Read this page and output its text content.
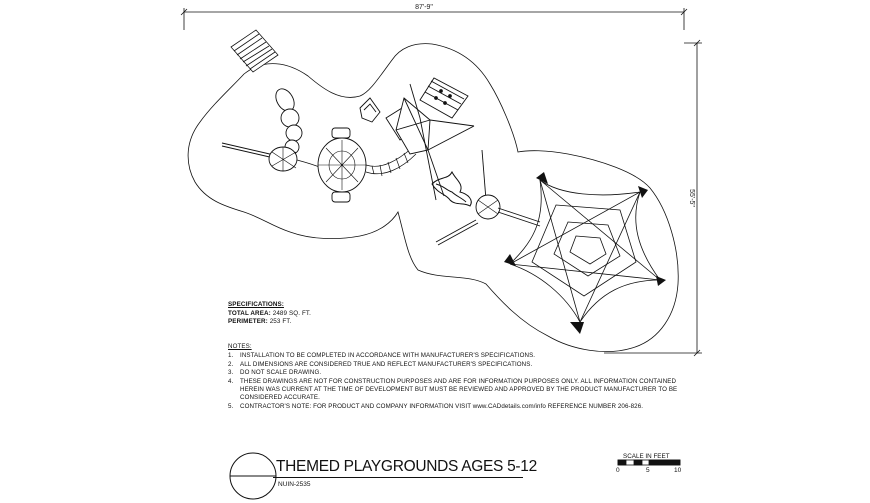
87'-9"
55'-5"
SPECIFICATIONS:
TOTAL AREA: 2489 SQ. FT.
PERIMETER: 253 FT.
NOTES:
1.	INSTALLATION TO BE COMPLETED IN ACCORDANCE WITH MANUFACTURER'S SPECIFICATIONS.
2.	ALL DIMENSIONS ARE CONSIDERED TRUE AND REFLECT MANUFACTURER'S SPECIFICATIONS.
3.	DO NOT SCALE DRAWING.
4.	THESE DRAWINGS ARE NOT FOR CONSTRUCTION PURPOSES AND ARE FOR INFORMATION PURPOSES ONLY. ALL INFORMATION CONTAINED HEREIN WAS CURRENT AT THE TIME OF DEVELOPMENT BUT MUST BE REVIEWED AND APPROVED BY THE PRODUCT MANUFACTURER TO BE CONSIDERED ACCURATE.
5.	CONTRACTOR'S NOTE: FOR PRODUCT AND COMPANY INFORMATION VISIT www.CADdetails.com/info REFERENCE NUMBER 206-826.
THEMED PLAYGROUNDS AGES 5-12
NUIN-2535
SCALE IN FEET
0	5	10
